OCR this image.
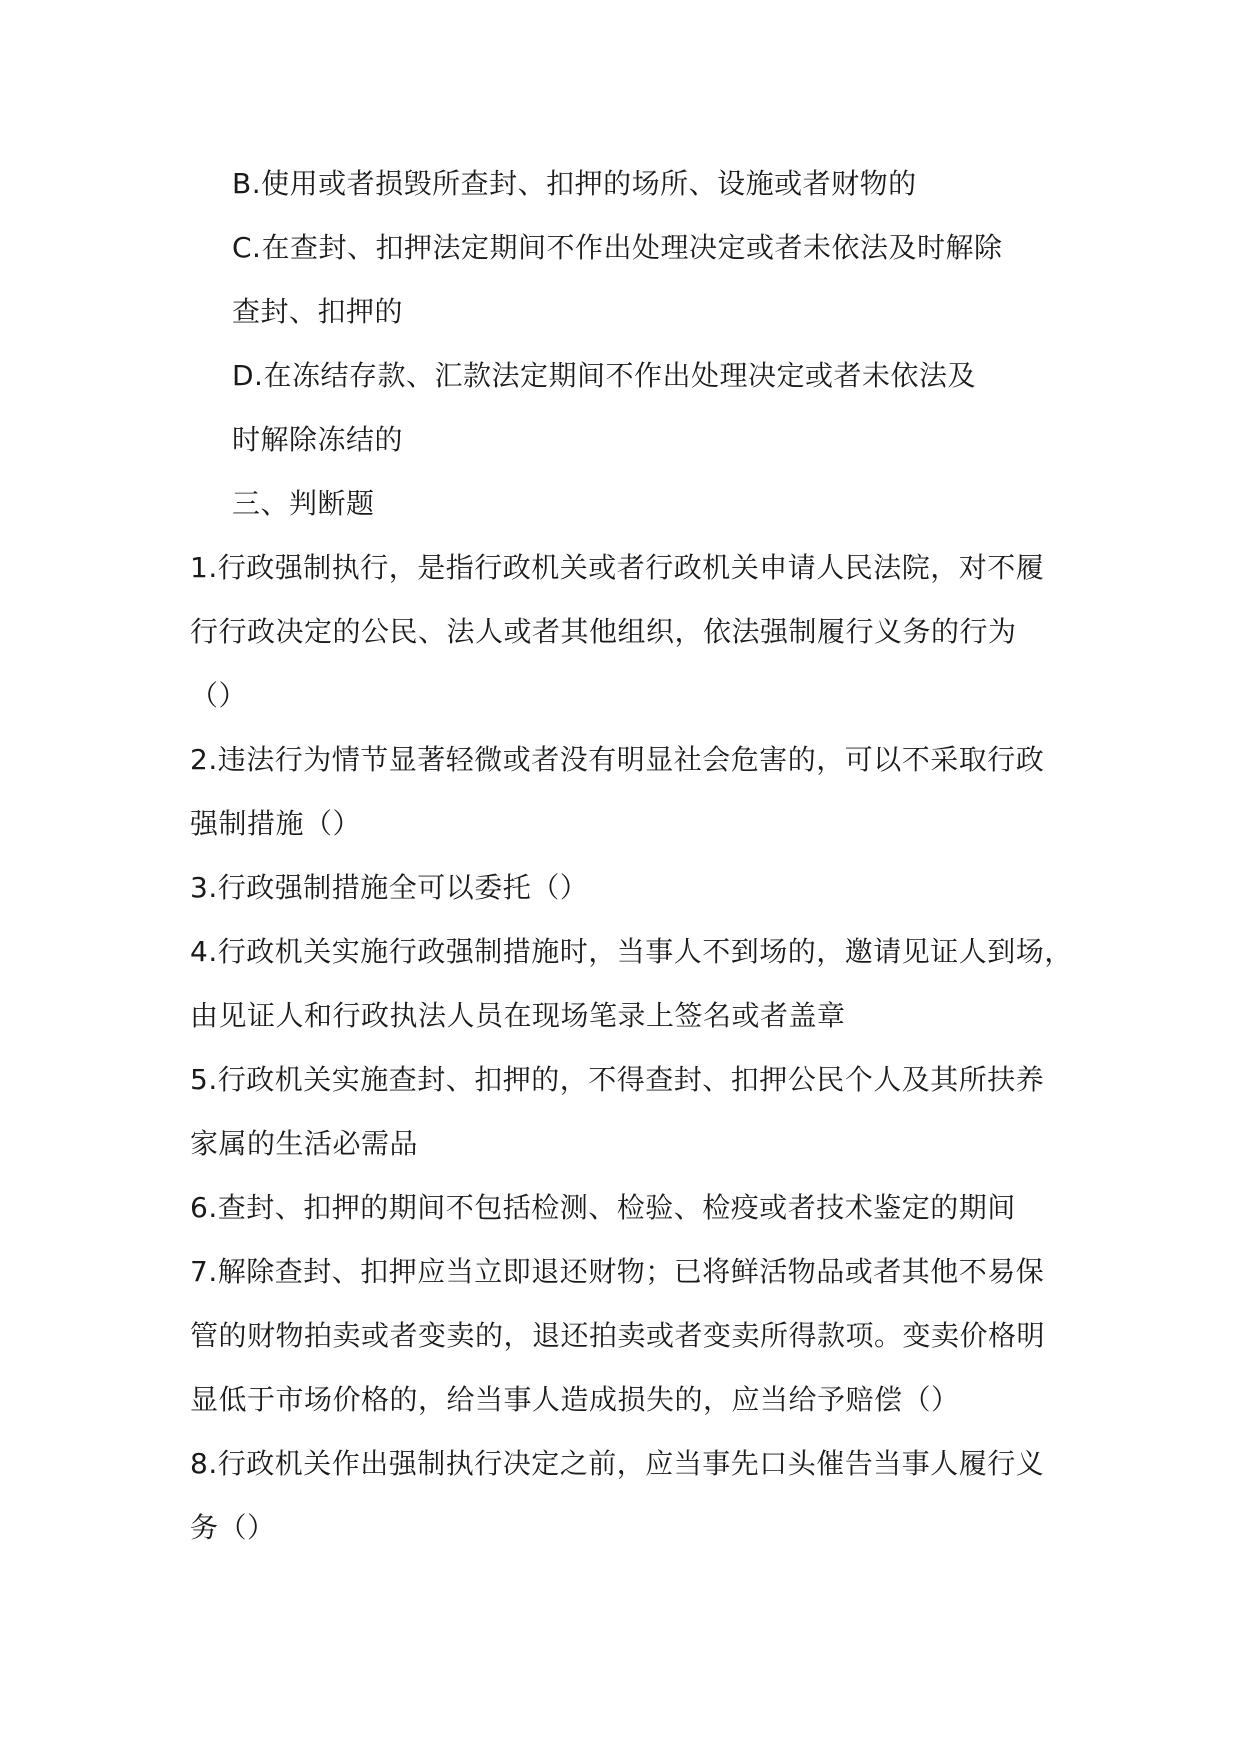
B.使用或者损毁所查封、扣押的场所、设施或者财物的
C.在查封、扣押法定期间不作出处理决定或者未依法及时解除
查封、扣押的
D.在冻结存款、汇款法定期间不作出处理决定或者未依法及
时解除冻结的
三、判断题
1.行政强制执行，是指行政机关或者行政机关申请人民法院，对不履
行行政决定的公民、法人或者其他组织，依法强制履行义务的行为
（）
2.违法行为情节显著轻微或者没有明显社会危害的，可以不采取行政
强制措施（）
3.行政强制措施全可以委托（）
4.行政机关实施行政强制措施时，当事人不到场的，邀请见证人到场，
由见证人和行政执法人员在现场笔录上签名或者盖章
5.行政机关实施查封、扣押的，不得查封、扣押公民个人及其所扶养
家属的生活必需品
6.查封、扣押的期间不包括检测、检验、检疫或者技术鉴定的期间
7.解除查封、扣押应当立即退还财物；已将鲜活物品或者其他不易保
管的财物拍卖或者变卖的，退还拍卖或者变卖所得款项。变卖价格明
显低于市场价格的，给当事人造成损失的，应当给予赔偿（）
8.行政机关作出强制执行决定之前，应当事先口头催告当事人履行义
务（）
